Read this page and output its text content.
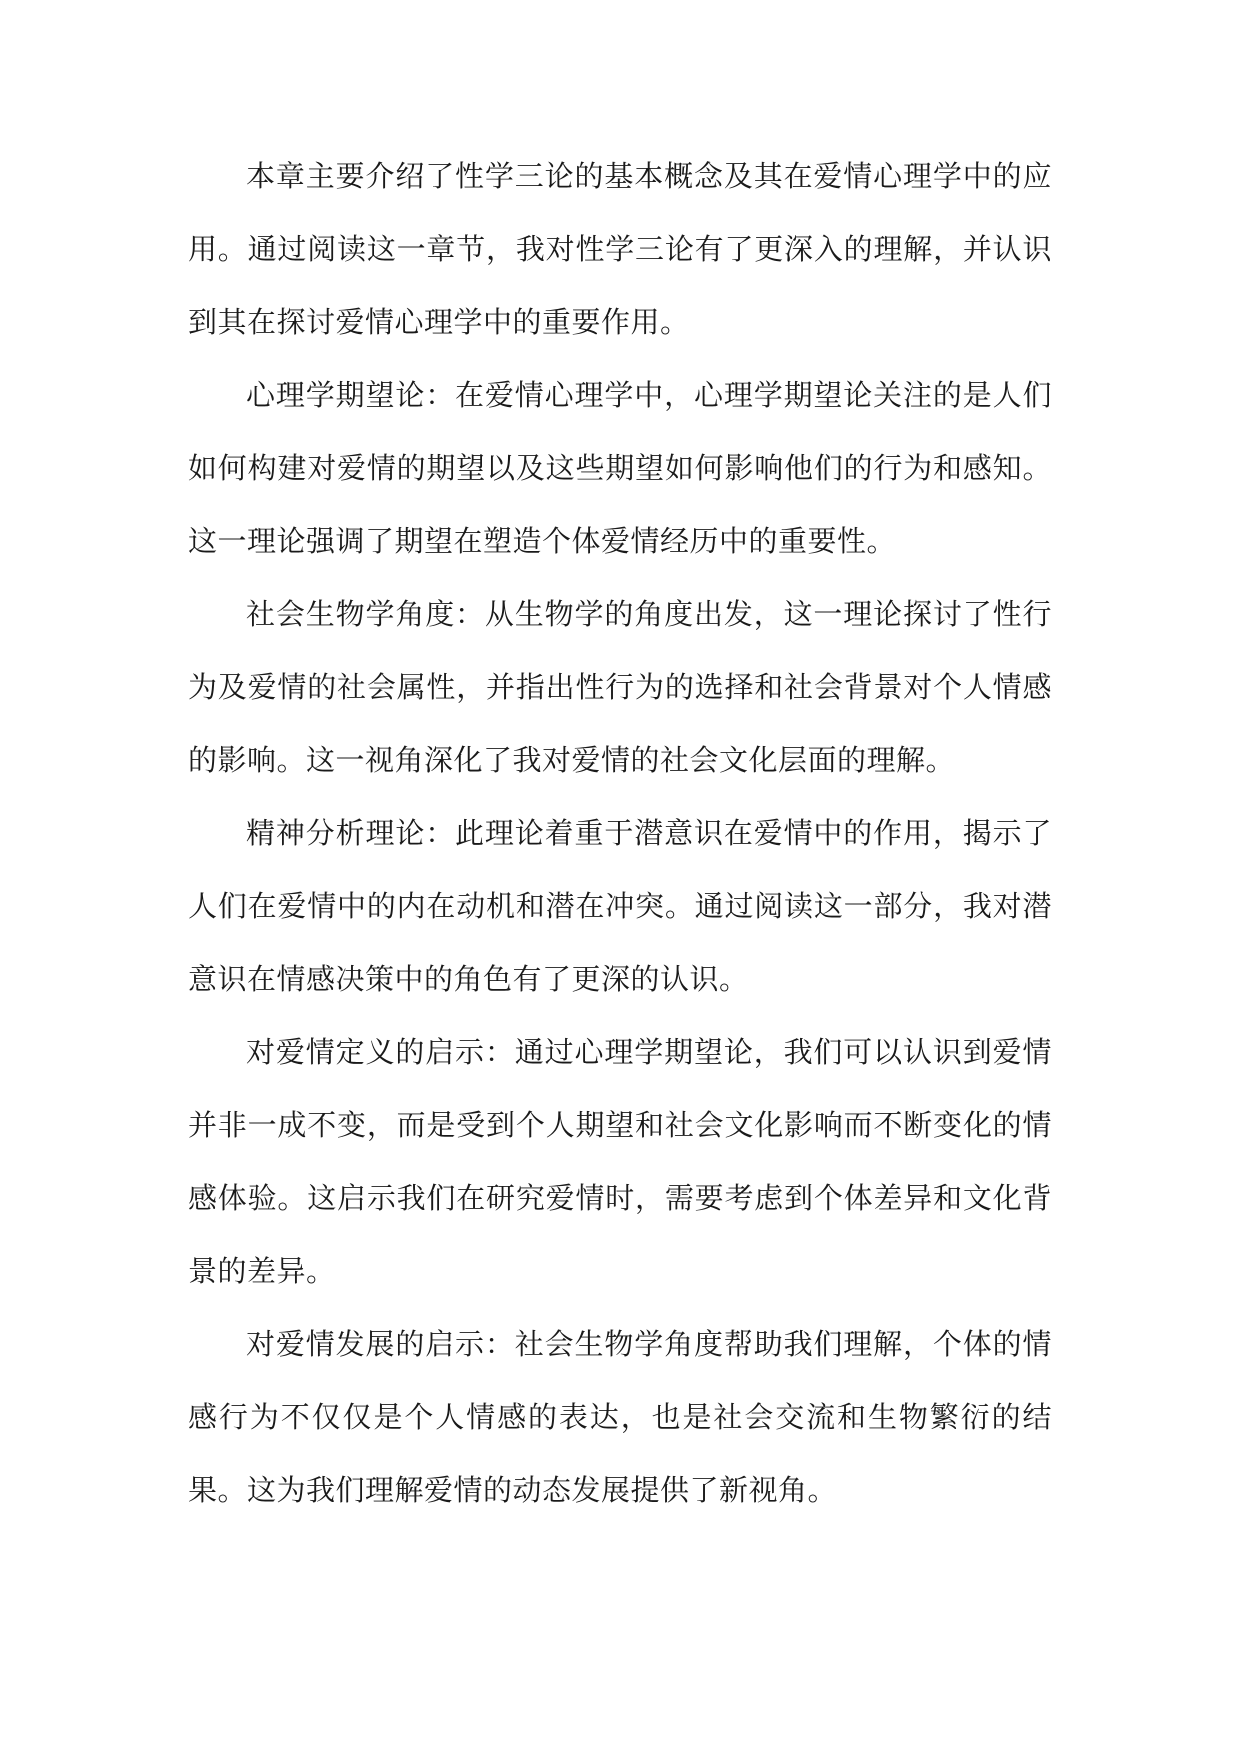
本章主要介绍了性学三论的基本概念及其在爱情心理学中的应用。通过阅读这一章节，我对性学三论有了更深入的理解，并认识到其在探讨爱情心理学中的重要作用。

心理学期望论：在爱情心理学中，心理学期望论关注的是人们如何构建对爱情的期望以及这些期望如何影响他们的行为和感知。这一理论强调了期望在塑造个体爱情经历中的重要性。

社会生物学角度：从生物学的角度出发，这一理论探讨了性行为及爱情的社会属性，并指出性行为的选择和社会背景对个人情感的影响。这一视角深化了我对爱情的社会文化层面的理解。

精神分析理论：此理论着重于潜意识在爱情中的作用，揭示了人们在爱情中的内在动机和潜在冲突。通过阅读这一部分，我对潜意识在情感决策中的角色有了更深的认识。

对爱情定义的启示：通过心理学期望论，我们可以认识到爱情并非一成不变，而是受到个人期望和社会文化影响而不断变化的情感体验。这启示我们在研究爱情时，需要考虑到个体差异和文化背景的差异。

对爱情发展的启示：社会生物学角度帮助我们理解，个体的情感行为不仅仅是个人情感的表达，也是社会交流和生物繁衍的结果。这为我们理解爱情的动态发展提供了新视角。
